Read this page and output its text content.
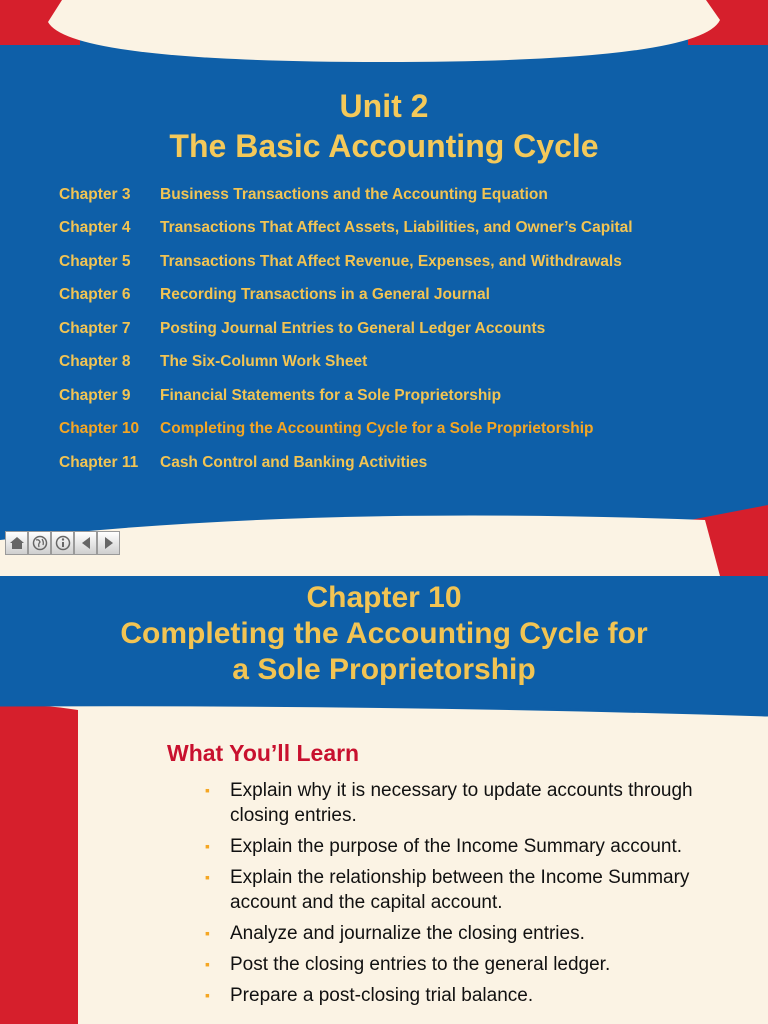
Unit 2
The Basic Accounting Cycle
Chapter 3	Business Transactions and the Accounting Equation
Chapter 4	Transactions That Affect Assets, Liabilities, and Owner’s Capital
Chapter 5	Transactions That Affect Revenue, Expenses, and Withdrawals
Chapter 6	Recording Transactions in a General Journal
Chapter 7	Posting Journal Entries to General Ledger Accounts
Chapter 8	The Six-Column Work Sheet
Chapter 9	Financial Statements for a Sole Proprietorship
Chapter 10	Completing the Accounting Cycle for a Sole Proprietorship
Chapter 11	Cash Control and Banking Activities
Chapter 10
Completing the Accounting Cycle for
a Sole Proprietorship
What You’ll Learn
▪ Explain why it is necessary to update accounts through closing entries.
▪ Explain the purpose of the Income Summary account.
▪ Explain the relationship between the Income Summary account and the capital account.
▪ Analyze and journalize the closing entries.
▪ Post the closing entries to the general ledger.
▪ Prepare a post-closing trial balance.
